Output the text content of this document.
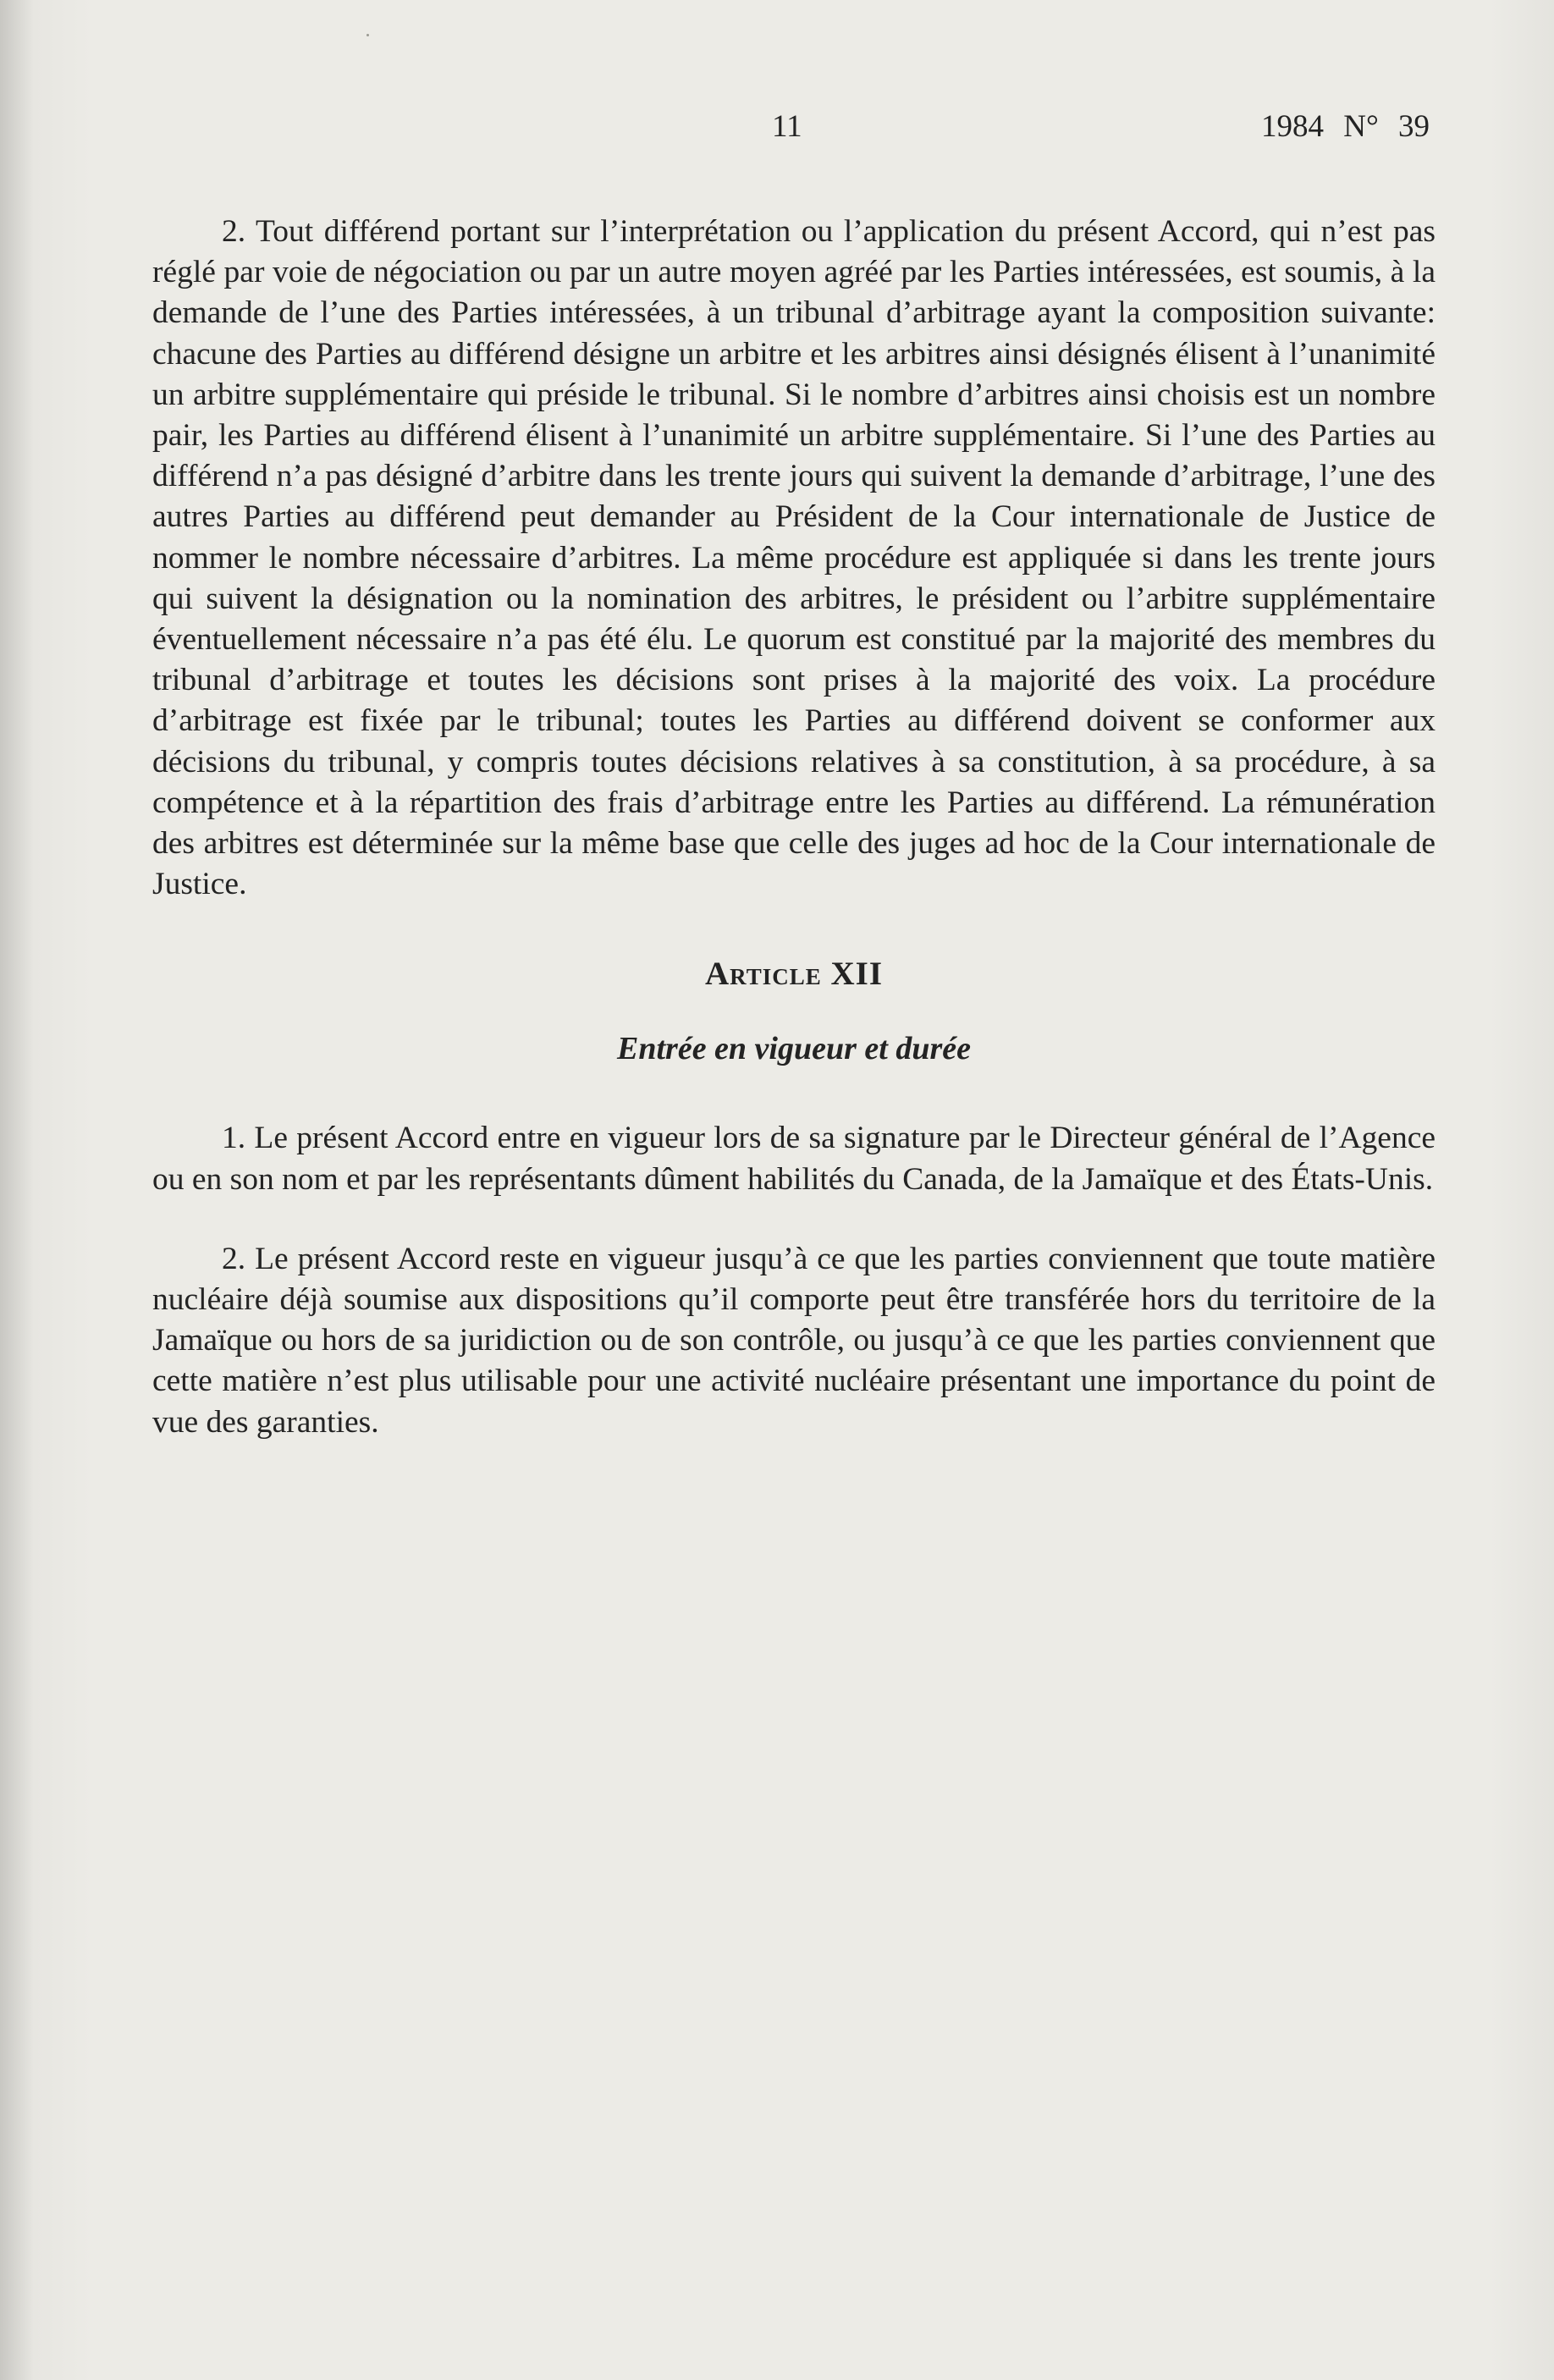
11	1984 N° 39

2. Tout différend portant sur l’interprétation ou l’application du présent Accord, qui n’est pas réglé par voie de négociation ou par un autre moyen agréé par les Parties intéressées, est soumis, à la demande de l’une des Parties intéressées, à un tribunal d’arbitrage ayant la composition suivante: chacune des Parties au différend désigne un arbitre et les arbitres ainsi désignés élisent à l’unanimité un arbitre supplémentaire qui préside le tribunal. Si le nombre d’arbitres ainsi choisis est un nombre pair, les Parties au différend élisent à l’unanimité un arbitre supplémentaire. Si l’une des Parties au différend n’a pas désigné d’arbitre dans les trente jours qui suivent la demande d’arbitrage, l’une des autres Parties au différend peut demander au Président de la Cour internationale de Justice de nommer le nombre nécessaire d’arbitres. La même procédure est appliquée si dans les trente jours qui suivent la désignation ou la nomination des arbitres, le président ou l’arbitre supplémentaire éventuellement nécessaire n’a pas été élu. Le quorum est constitué par la majorité des membres du tribunal d’arbitrage et toutes les décisions sont prises à la majorité des voix. La procédure d’arbitrage est fixée par le tribunal; toutes les Parties au différend doivent se conformer aux décisions du tribunal, y compris toutes décisions relatives à sa constitution, à sa procédure, à sa compétence et à la répartition des frais d’arbitrage entre les Parties au différend. La rémunération des arbitres est déterminée sur la même base que celle des juges ad hoc de la Cour internationale de Justice.

Article XII
Entrée en vigueur et durée

1. Le présent Accord entre en vigueur lors de sa signature par le Directeur général de l’Agence ou en son nom et par les représentants dûment habilités du Canada, de la Jamaïque et des États-Unis.

2. Le présent Accord reste en vigueur jusqu’à ce que les parties conviennent que toute matière nucléaire déjà soumise aux dispositions qu’il comporte peut être transférée hors du territoire de la Jamaïque ou hors de sa juridiction ou de son contrôle, ou jusqu’à ce que les parties conviennent que cette matière n’est plus utilisable pour une activité nucléaire présentant une importance du point de vue des garanties.
